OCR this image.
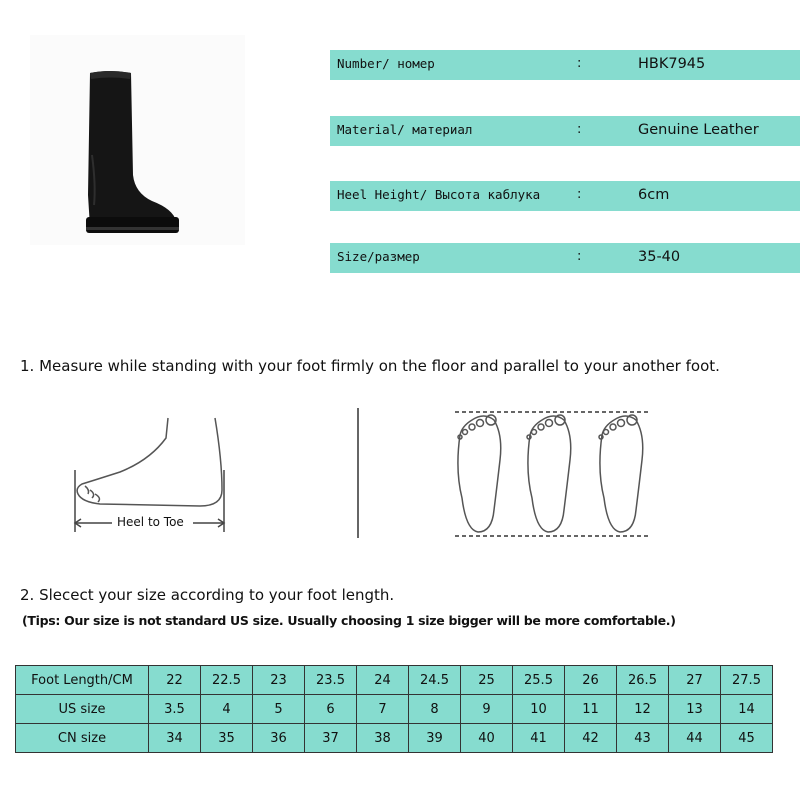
Number/ номер	:	HBK7945
Material/ материал	:	Genuine Leather
Heel Height/ Высота каблука	:	6cm
Size/размер	:	35-40
1. Measure while standing with your foot firmly on the floor and parallel to your another foot.
Heel to Toe
2. Slecect your size according to your foot length.
(Tips: Our size is not standard US size. Usually choosing 1 size bigger will be more comfortable.)
Foot Length/CM	22	22.5	23	23.5	24	24.5	25	25.5	26	26.5	27	27.5
US size	3.5	4	5	6	7	8	9	10	11	12	13	14
CN size	34	35	36	37	38	39	40	41	42	43	44	45
